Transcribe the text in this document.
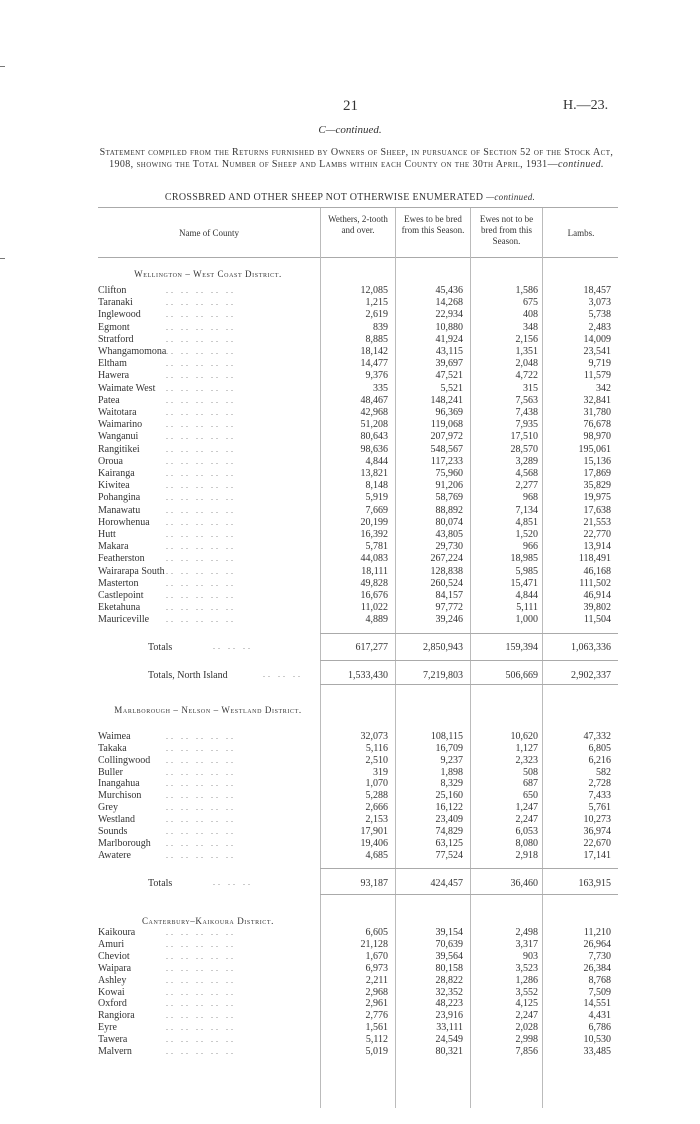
21	H.—23.
C—continued.
Statement compiled from the Returns furnished by Owners of Sheep, in pursuance of Section 52 of the Stock Act, 1908, showing the Total Number of Sheep and Lambs within each County on the 30th April, 1931—continued.
CROSSBRED AND OTHER SHEEP NOT OTHERWISE ENUMERATED —continued.
Name of County
Wethers, 2-tooth and over.
Ewes to be bred from this Season.
Ewes not to be bred from this Season.
Lambs.
Wellington – West Coast District.
Clifton	.. .. .. .. ..	12,085	45,436	1,586	18,457
Taranaki	.. .. .. .. ..	1,215	14,268	675	3,073
Inglewood	.. .. .. .. ..	2,619	22,934	408	5,738
Egmont	.. .. .. .. ..	839	10,880	348	2,483
Stratford	.. .. .. .. ..	8,885	41,924	2,156	14,009
Whangamomona .. .. .. .. ..	18,142	43,115	1,351	23,541
Eltham	.. .. .. .. ..	14,477	39,697	2,048	9,719
Hawera	.. .. .. .. ..	9,376	47,521	4,722	11,579
Waimate West .. .. .. .. ..	335	5,521	315	342
Patea	.. .. .. .. ..	48,467	148,241	7,563	32,841
Waitotara	.. .. .. .. ..	42,968	96,369	7,438	31,780
Waimarino	.. .. .. .. ..	51,208	119,068	7,935	76,678
Wanganui	.. .. .. .. ..	80,643	207,972	17,510	98,970
Rangitikei	.. .. .. .. ..	98,636	548,567	28,570	195,061
Oroua	.. .. .. .. ..	4,844	117,233	3,289	15,136
Kairanga	.. .. .. .. ..	13,821	75,960	4,568	17,869
Kiwitea	.. .. .. .. ..	8,148	91,206	2,277	35,829
Pohangina	.. .. .. .. ..	5,919	58,769	968	19,975
Manawatu	.. .. .. .. ..	7,669	88,892	7,134	17,638
Horowhenua .. .. .. .. ..	20,199	80,074	4,851	21,553
Hutt	.. .. .. .. ..	16,392	43,805	1,520	22,770
Makara	.. .. .. .. ..	5,781	29,730	966	13,914
Featherston	.. .. .. .. ..	44,083	267,224	18,985	118,491
Wairarapa South .. .. .. .. ..	18,111	128,838	5,985	46,168
Masterton	.. .. .. .. ..	49,828	260,524	15,471	111,502
Castlepoint	.. .. .. .. ..	16,676	84,157	4,844	46,914
Eketahuna	.. .. .. .. ..	11,022	97,772	5,111	39,802
Mauriceville .. .. .. .. ..	4,889	39,246	1,000	11,504
Totals	.. .. ..	617,277	2,850,943	159,394	1,063,336
Totals, North Island	.. .. ..	1,533,430	7,219,803	506,669	2,902,337
Marlborough – Nelson – Westland District.
Waimea	.. .. .. .. ..	32,073	108,115	10,620	47,332
Takaka	.. .. .. .. ..	5,116	16,709	1,127	6,805
Collingwood .. .. .. .. ..	2,510	9,237	2,323	6,216
Buller	.. .. .. .. ..	319	1,898	508	582
Inangahua	.. .. .. .. ..	1,070	8,329	687	2,728
Murchison	.. .. .. .. ..	5,288	25,160	650	7,433
Grey	.. .. .. .. ..	2,666	16,122	1,247	5,761
Westland	.. .. .. .. ..	2,153	23,409	2,247	10,273
Sounds	.. .. .. .. ..	17,901	74,829	6,053	36,974
Marlborough .. .. .. .. ..	19,406	63,125	8,080	22,670
Awatere	.. .. .. .. ..	4,685	77,524	2,918	17,141
Totals	.. .. ..	93,187	424,457	36,460	163,915
Canterbury–Kaikoura District.
Kaikoura	.. .. .. .. ..	6,605	39,154	2,498	11,210
Amuri	.. .. .. .. ..	21,128	70,639	3,317	26,964
Cheviot	.. .. .. .. ..	1,670	39,564	903	7,730
Waipara	.. .. .. .. ..	6,973	80,158	3,523	26,384
Ashley	.. .. .. .. ..	2,211	28,822	1,286	8,768
Kowai	.. .. .. .. ..	2,968	32,352	3,552	7,509
Oxford	.. .. .. .. ..	2,961	48,223	4,125	14,551
Rangiora	.. .. .. .. ..	2,776	23,916	2,247	4,431
Eyre	.. .. .. .. ..	1,561	33,111	2,028	6,786
Tawera	.. .. .. .. ..	5,112	24,549	2,998	10,530
Malvern	.. .. .. .. ..	5,019	80,321	7,856	33,485
